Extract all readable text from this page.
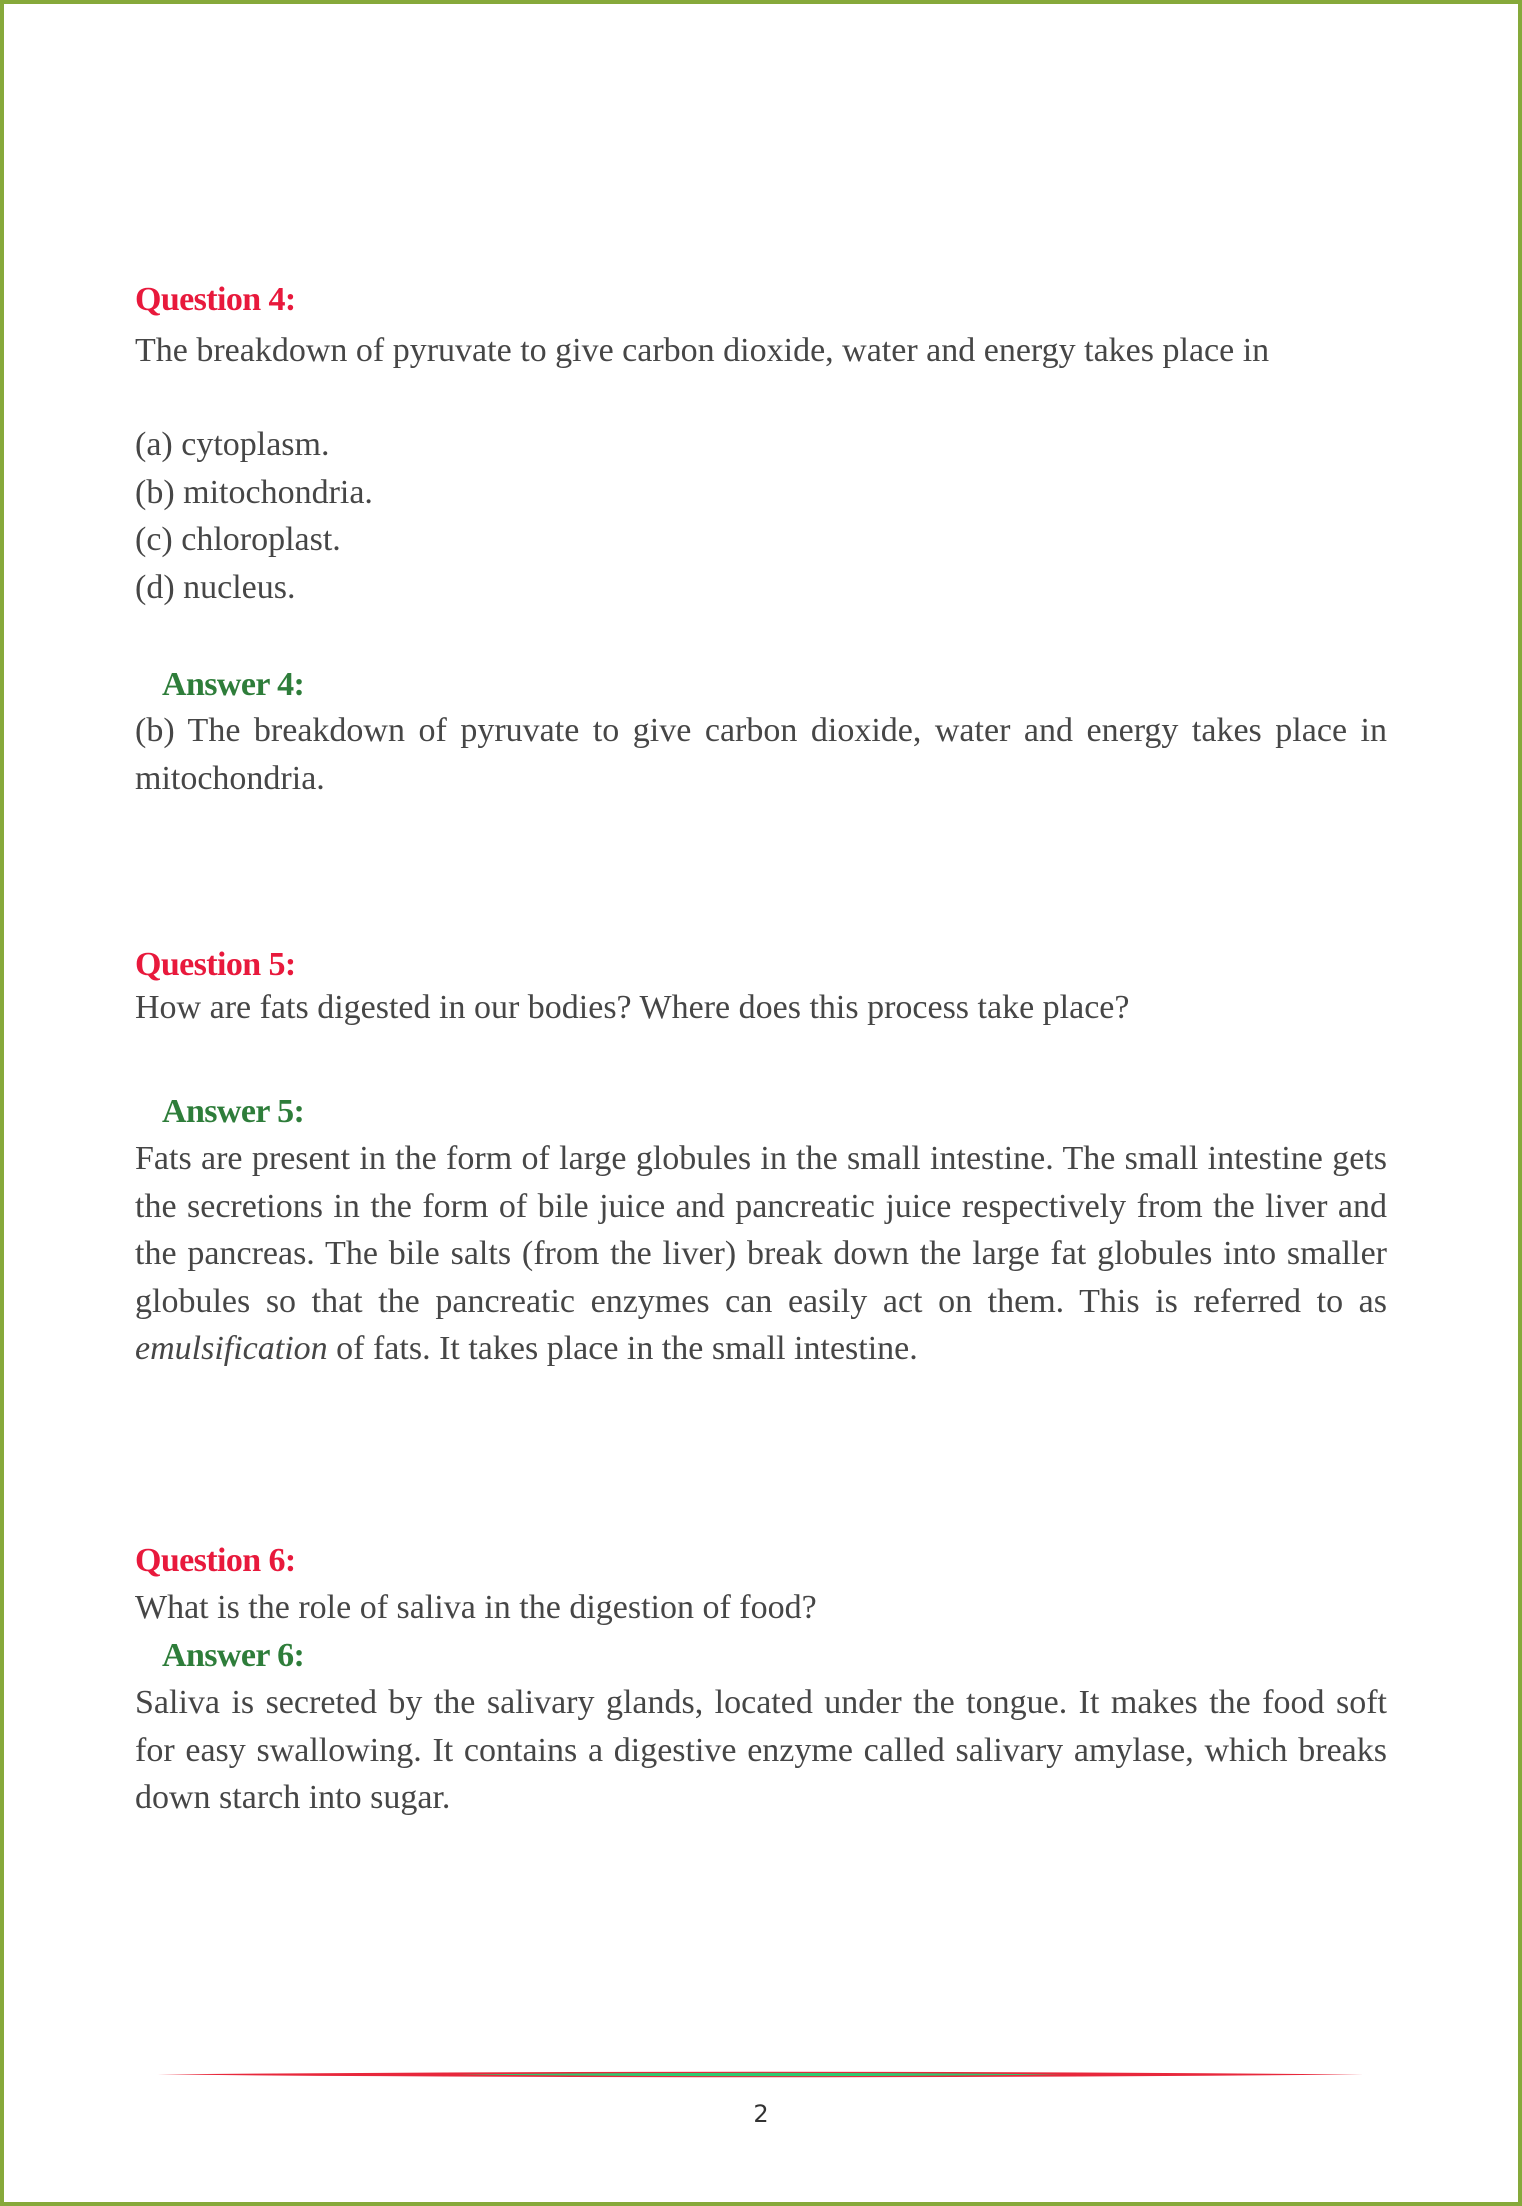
Question 4:
The breakdown of pyruvate to give carbon dioxide, water and energy takes place in
(a) cytoplasm.
(b) mitochondria.
(c) chloroplast.
(d) nucleus.
Answer 4:
(b) The breakdown of pyruvate to give carbon dioxide, water and energy takes place in mitochondria.
Question 5:
How are fats digested in our bodies? Where does this process take place?
Answer 5:
Fats are present in the form of large globules in the small intestine. The small intestine gets the secretions in the form of bile juice and pancreatic juice respectively from the liver and the pancreas. The bile salts (from the liver) break down the large fat globules into smaller globules so that the pancreatic enzymes can easily act on them. This is referred to as emulsification of fats. It takes place in the small intestine.
Question 6:
What is the role of saliva in the digestion of food?
Answer 6:
Saliva is secreted by the salivary glands, located under the tongue. It makes the food soft for easy swallowing. It contains a digestive enzyme called salivary amylase, which breaks down starch into sugar.
2
